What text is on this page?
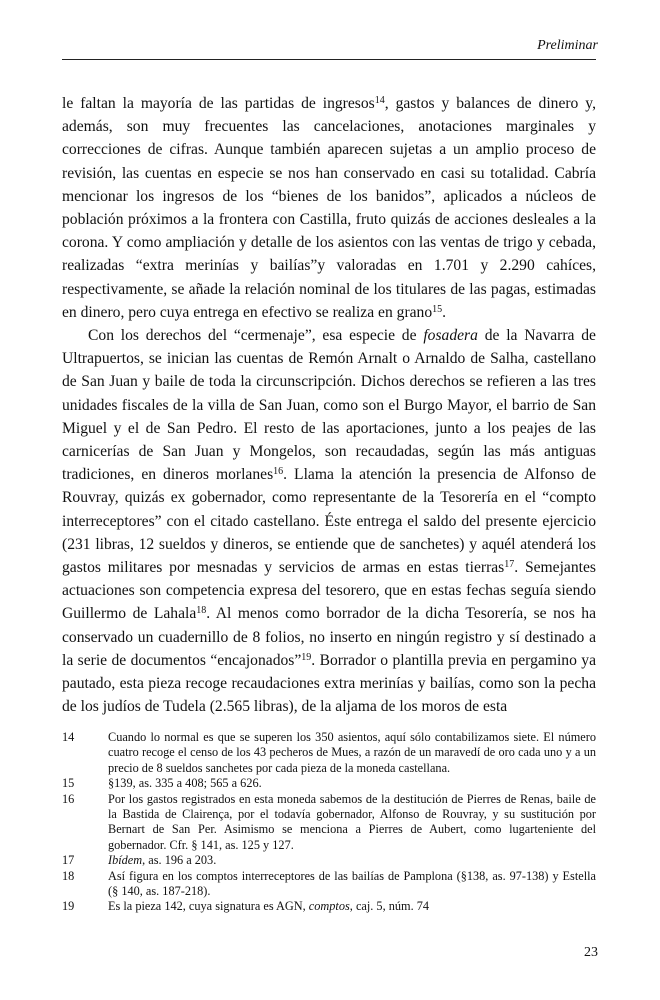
Preliminar

le faltan la mayoría de las partidas de ingresos$^{14}$, gastos y balances de dinero y, además, son muy frecuentes las cancelaciones, anotaciones marginales y correcciones de cifras. Aunque también aparecen sujetas a un amplio proceso de revisión, las cuentas en especie se nos han conservado en casi su totalidad. Cabría mencionar los ingresos de los “bienes de los banidos”, aplicados a núcleos de población próximos a la frontera con Castilla, fruto quizás de acciones desleales a la corona. Y como ampliación y detalle de los asientos con las ventas de trigo y cebada, realizadas “extra merinías y bailías”y valoradas en 1.701 y 2.290 cahíces, respectivamente, se añade la relación nominal de los titulares de las pagas, estimadas en dinero, pero cuya entrega en efectivo se realiza en grano$^{15}$.

Con los derechos del “cermenaje”, esa especie de fosadera de la Navarra de Ultrapuertos, se inician las cuentas de Remón Arnalt o Arnaldo de Salha, castellano de San Juan y baile de toda la circunscripción. Dichos derechos se refieren a las tres unidades fiscales de la villa de San Juan, como son el Burgo Mayor, el barrio de San Miguel y el de San Pedro. El resto de las aportaciones, junto a los peajes de las carnicerías de San Juan y Mongelos, son recaudadas, según las más antiguas tradiciones, en dineros morlanes$^{16}$. Llama la atención la presencia de Alfonso de Rouvray, quizás ex gobernador, como representante de la Tesorería en el “compto interreceptores” con el citado castellano. Éste entrega el saldo del presente ejercicio (231 libras, 12 sueldos y dineros, se entiende que de sanchetes) y aquél atenderá los gastos militares por mesnadas y servicios de armas en estas tierras$^{17}$. Semejantes actuaciones son competencia expresa del tesorero, que en estas fechas seguía siendo Guillermo de Lahala$^{18}$. Al menos como borrador de la dicha Tesorería, se nos ha conservado un cuadernillo de 8 folios, no inserto en ningún registro y sí destinado a la serie de documentos “encajonados”$^{19}$. Borrador o plantilla previa en pergamino ya pautado, esta pieza recoge recaudaciones extra merinías y bailías, como son la pecha de los judíos de Tudela (2.565 libras), de la aljama de los moros de esta

14	Cuando lo normal es que se superen los 350 asientos, aquí sólo contabilizamos siete. El número cuatro recoge el censo de los 43 pecheros de Mues, a razón de un maravedí de oro cada uno y a un precio de 8 sueldos sanchetes por cada pieza de la moneda castellana.
15	§139, as. 335 a 408; 565 a 626.
16	Por los gastos registrados en esta moneda sabemos de la destitución de Pierres de Renas, baile de la Bastida de Clairença, por el todavía gobernador, Alfonso de Rouvray, y su sustitución por Bernart de San Per. Asimismo se menciona a Pierres de Aubert, como lugarteniente del gobernador. Cfr. § 141, as. 125 y 127.
17	Ibídem, as. 196 a 203.
18	Así figura en los comptos interreceptores de las bailías de Pamplona (§138, as. 97-138) y Estella (§ 140, as. 187-218).
19	Es la pieza 142, cuya signatura es AGN, comptos, caj. 5, núm. 74
23
